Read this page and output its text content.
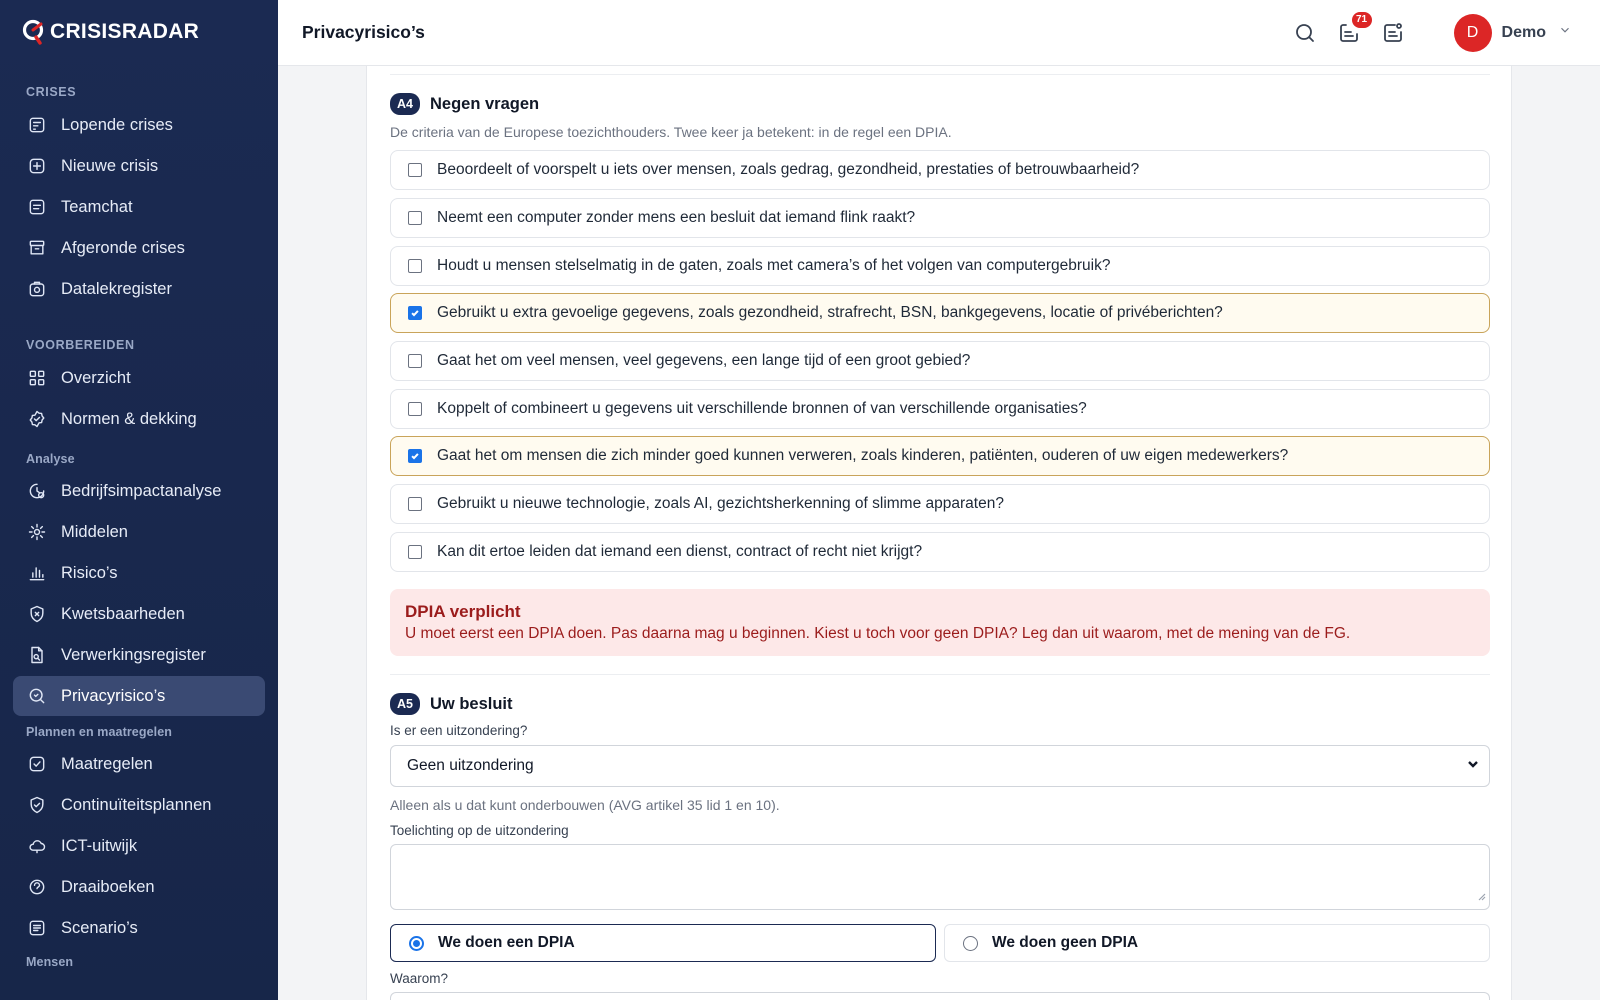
CRISISRADAR
CRISES
Lopende crises
Nieuwe crisis
Teamchat
Afgeronde crises
Datalekregister
VOORBEREIDEN
Overzicht
Normen & dekking
Analyse
Bedrijfsimpactanalyse
Middelen
Risico’s
Kwetsbaarheden
Verwerkingsregister
Privacyrisico’s
Plannen en maatregelen
Maatregelen
Continuïteitsplannen
ICT-uitwijk
Draaiboeken
Scenario’s
Mensen
Privacyrisico’s
71
D	Demo
A4	Negen vragen
De criteria van de Europese toezichthouders. Twee keer ja betekent: in de regel een DPIA.
Beoordeelt of voorspelt u iets over mensen, zoals gedrag, gezondheid, prestaties of betrouwbaarheid?
Neemt een computer zonder mens een besluit dat iemand flink raakt?
Houdt u mensen stelselmatig in de gaten, zoals met camera’s of het volgen van computergebruik?
Gebruikt u extra gevoelige gegevens, zoals gezondheid, strafrecht, BSN, bankgegevens, locatie of privéberichten?
Gaat het om veel mensen, veel gegevens, een lange tijd of een groot gebied?
Koppelt of combineert u gegevens uit verschillende bronnen of van verschillende organisaties?
Gaat het om mensen die zich minder goed kunnen verweren, zoals kinderen, patiënten, ouderen of uw eigen medewerkers?
Gebruikt u nieuwe technologie, zoals AI, gezichtsherkenning of slimme apparaten?
Kan dit ertoe leiden dat iemand een dienst, contract of recht niet krijgt?
DPIA verplicht
U moet eerst een DPIA doen. Pas daarna mag u beginnen. Kiest u toch voor geen DPIA? Leg dan uit waarom, met de mening van de FG.
A5	Uw besluit
Is er een uitzondering?
Geen uitzondering
Alleen als u dat kunt onderbouwen (AVG artikel 35 lid 1 en 10).
Toelichting op de uitzondering
We doen een DPIA	We doen geen DPIA
Waarom?
